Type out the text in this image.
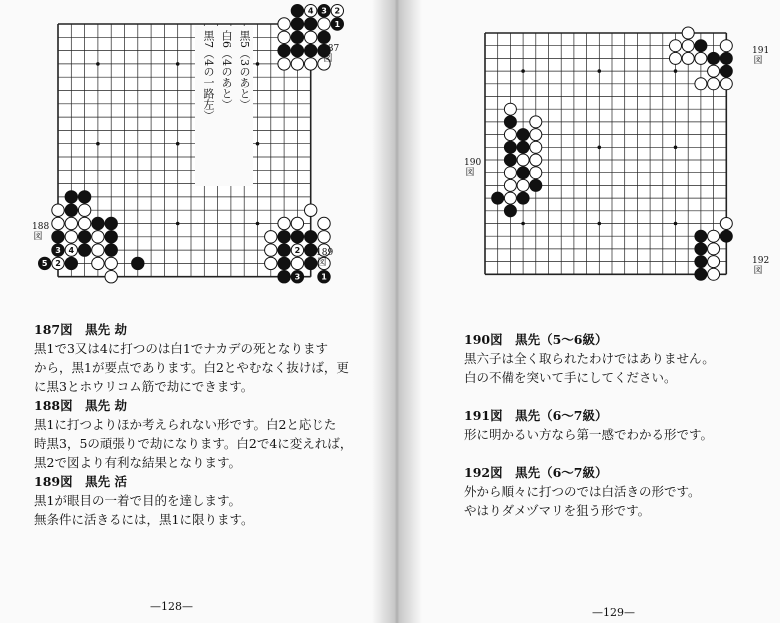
4 3 2
1
3 4
5 2
2
3	1
黒5（3のあと）
白6（4のあと）
黒7（4の一路左）	187図
188図
189図
187図　黒先 劫
黒1で3又は4に打つのは白1でナカデの死となります
から，黒1が要点であります。白2とやむなく抜けば，更
に黒3とホウリコム筋で劫にできます。
188図　黒先 劫
黒1に打つよりほか考えられない形です。白2と応じた
時黒3，5の頑張りで劫になります。白2で4に変えれば，
黒2で図より有利な結果となります。
189図　黒先 活
黒1が眼目の一着で目的を達します。
無条件に活きるには，黒1に限ります。
—128—
191図
190図
192図
190図　黒先（5〜6級）
黒六子は全く取られたわけではありません。
白の不備を突いて手にしてください。
191図　黒先（6〜7級）
形に明かるい方なら第一感でわかる形です。
192図　黒先（6〜7級）
外から順々に打つのでは白活きの形です。
やはりダメヅマリを狙う形です。
—129—
